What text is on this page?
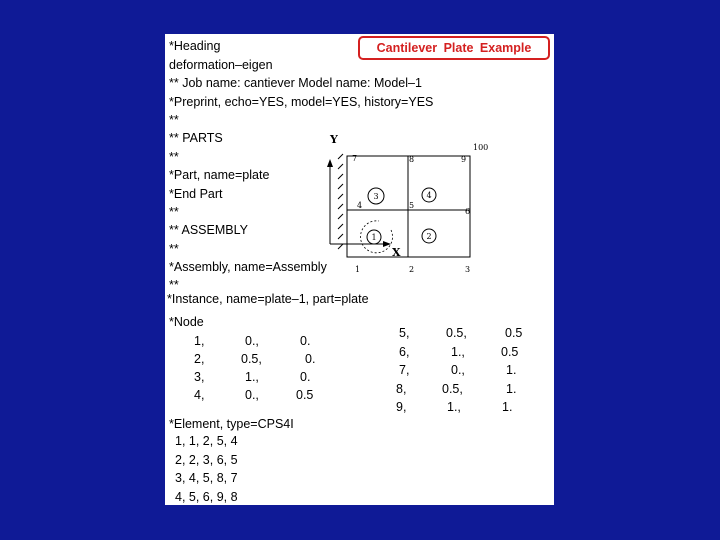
Cantilever Plate Example
*Heading
deformation–eigen
** Job name: cantiever Model name: Model–1
*Preprint, echo=YES, model=YES, history=YES
**
** PARTS
**
*Part, name=plate
*End Part
**
** ASSEMBLY
**
*Assembly, name=Assembly
**
*Instance, name=plate–1, part=plate
*Node
1,	0.,	0.
2,	0.5,	0.
3,	1.,	0.
4,	0.,	0.5
5,	0.5,	0.5
6,	1.,	0.5
7,	0.,	1.
8,	0.5,	1.
9,	1.,	1.
*Element, type=CPS4I
1, 1, 2, 5, 4
2, 2, 3, 6, 5
3, 4, 5, 8, 7
4, 5, 6, 9, 8
Y
X
1	2	3
4	5
6
7	8	9
100
3	4
1	2
